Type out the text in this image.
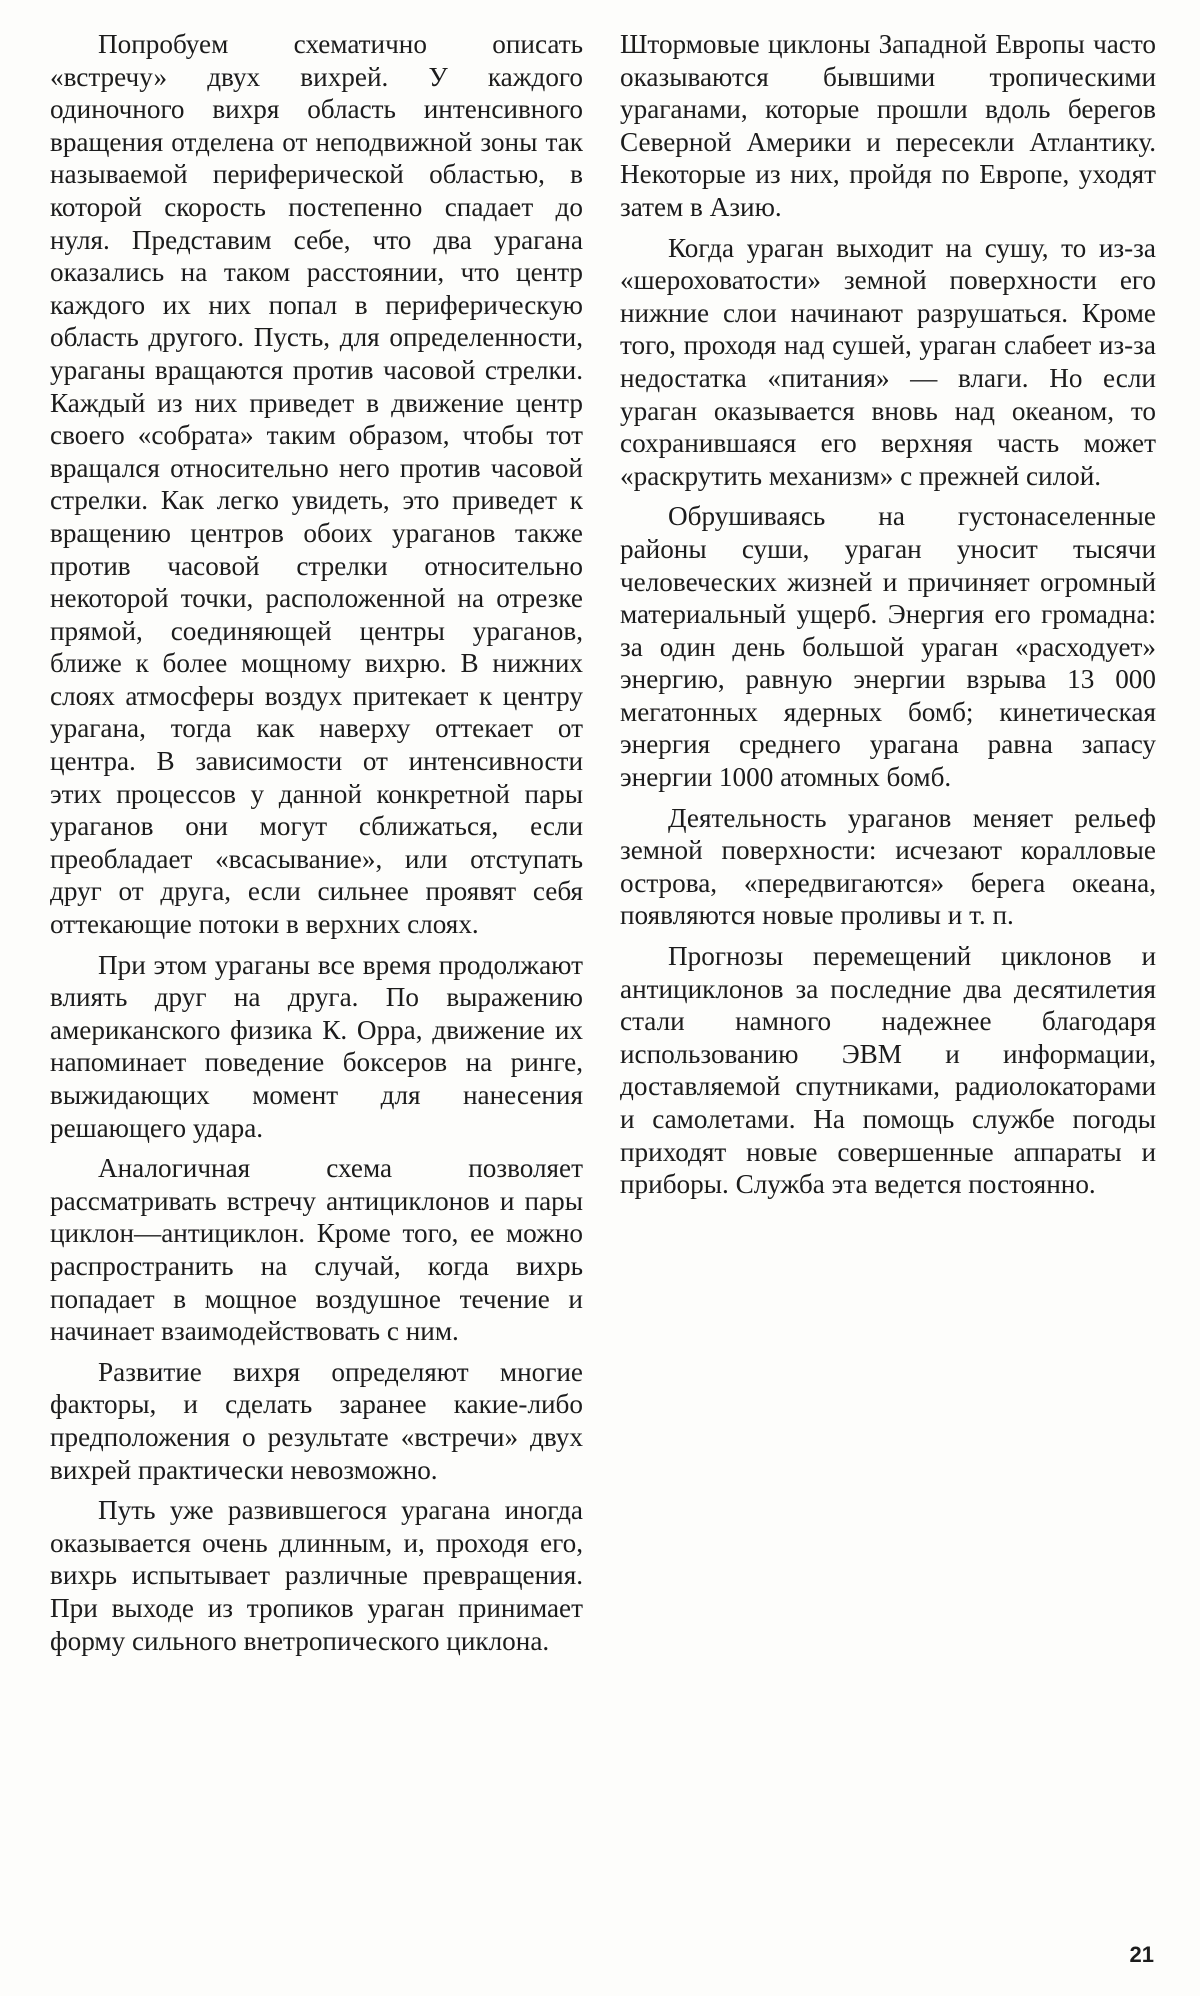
Попробуем схематично описать «встречу» двух вихрей. У каждого одиночного вихря область интенсивного вращения отделена от неподвижной зоны так называемой периферической областью, в которой скорость постепенно спадает до нуля. Представим себе, что два урагана оказались на таком расстоянии, что центр каждого их них попал в периферическую область другого. Пусть, для определенности, ураганы вращаются против часовой стрелки. Каждый из них приведет в движение центр своего «собрата» таким образом, чтобы тот вращался относительно него против часовой стрелки. Как легко увидеть, это приведет к вращению центров обоих ураганов также против часовой стрелки относительно некоторой точки, расположенной на отрезке прямой, соединяющей центры ураганов, ближе к более мощному вихрю. В нижних слоях атмосферы воздух притекает к центру урагана, тогда как наверху оттекает от центра. В зависимости от интенсивности этих процессов у данной конкретной пары ураганов они могут сближаться, если преобладает «всасывание», или отступать друг от друга, если сильнее проявят себя оттекающие потоки в верхних слоях.

При этом ураганы все время продолжают влиять друг на друга. По выражению американского физика К. Орра, движение их напоминает поведение боксеров на ринге, выжидающих момент для нанесения решающего удара.

Аналогичная схема позволяет рассматривать встречу антициклонов и пары циклон—антициклон. Кроме того, ее можно распространить на случай, когда вихрь попадает в мощное воздушное течение и начинает взаимодействовать с ним.

Развитие вихря определяют многие факторы, и сделать заранее какие-либо предположения о результате «встречи» двух вихрей практически невозможно.

Путь уже развившегося урагана иногда оказывается очень длинным, и, проходя его, вихрь испытывает различные превращения. При выходе из тропиков ураган принимает форму сильного внетропического циклона.

Штормовые циклоны Западной Европы часто оказываются бывшими тропическими ураганами, которые прошли вдоль берегов Северной Америки и пересекли Атлантику. Некоторые из них, пройдя по Европе, уходят затем в Азию.

Когда ураган выходит на сушу, то из-за «шероховатости» земной поверхности его нижние слои начинают разрушаться. Кроме того, проходя над сушей, ураган слабеет из-за недостатка «питания» — влаги. Но если ураган оказывается вновь над океаном, то сохранившаяся его верхняя часть может «раскрутить механизм» с прежней силой.

Обрушиваясь на густонаселенные районы суши, ураган уносит тысячи человеческих жизней и причиняет огромный материальный ущерб. Энергия его громадна: за один день большой ураган «расходует» энергию, равную энергии взрыва 13 000 мегатонных ядерных бомб; кинетическая энергия среднего урагана равна запасу энергии 1000 атомных бомб.

Деятельность ураганов меняет рельеф земной поверхности: исчезают коралловые острова, «передвигаются» берега океана, появляются новые проливы и т. п.

Прогнозы перемещений циклонов и антициклонов за последние два десятилетия стали намного надежнее благодаря использованию ЭВМ и информации, доставляемой спутниками, радиолокаторами и самолетами. На помощь службе погоды приходят новые совершенные аппараты и приборы. Служба эта ведется постоянно.

21
